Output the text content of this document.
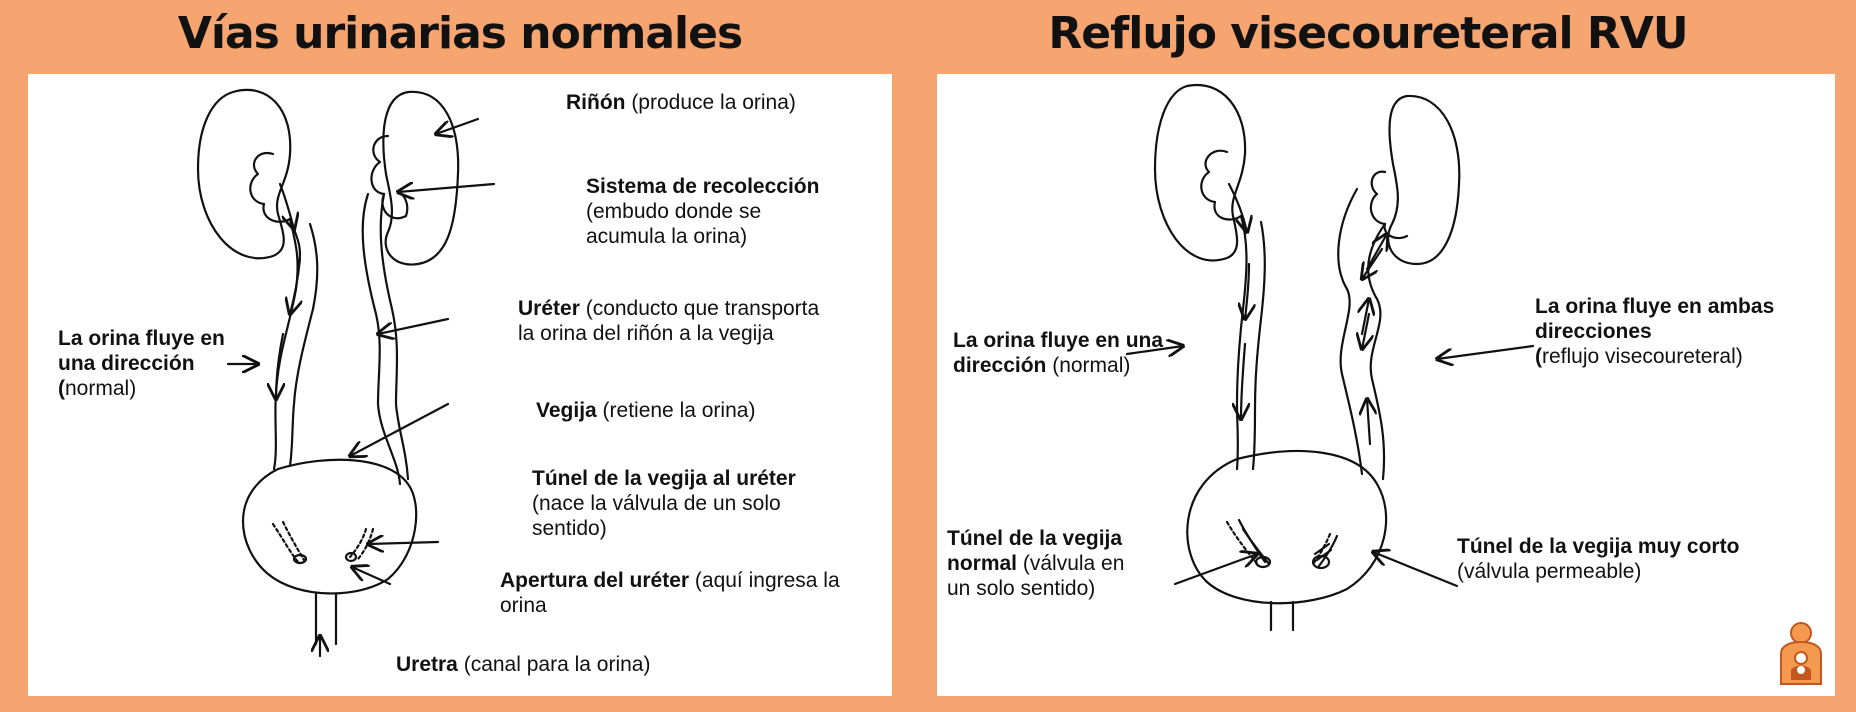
Vías urinarias normales	Reflujo visecoureteral RVU
Riñón (produce la orina)
Sistema de recolección
(embudo donde se
acumula la orina)
Uréter (conducto que transporta
la orina del riñón a la vegija
La orina fluye en
una dirección
(normal)
Vegija (retiene la orina)
Túnel de la vegija al uréter
(nace la válvula de un solo
sentido)
Apertura del uréter (aquí ingresa la
orina
Uretra (canal para la orina)
La orina fluye en una
dirección (normal)
La orina fluye en ambas
direcciones
(reflujo visecoureteral)
Túnel de la vegija
normal (válvula en
un solo sentido)
Túnel de la vegija muy corto
(válvula permeable)
